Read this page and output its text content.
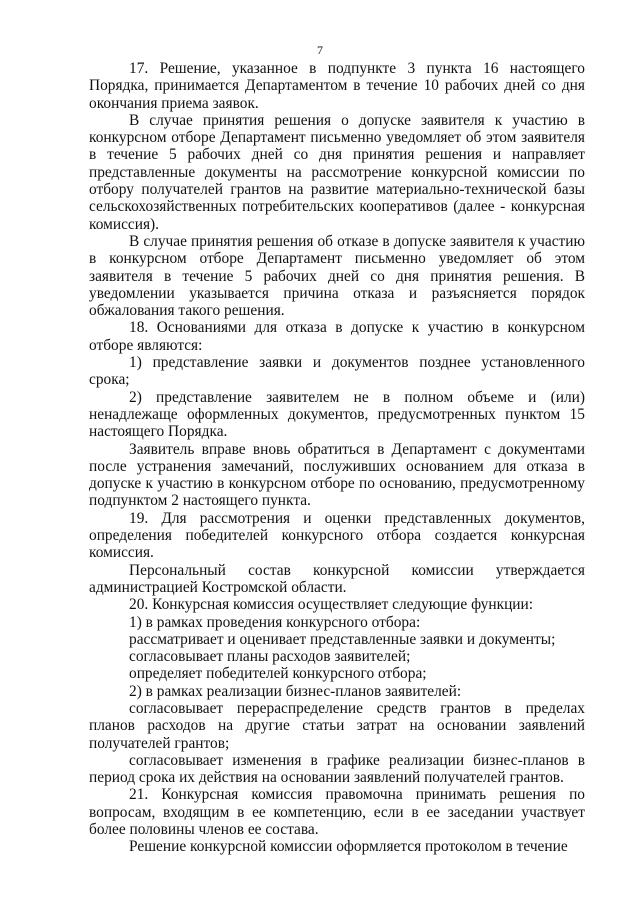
7

17. Решение, указанное в подпункте 3 пункта 16 настоящего Порядка, принимается Департаментом в течение 10 рабочих дней со дня окончания приема заявок.

В случае принятия решения о допуске заявителя к участию в конкурсном отборе Департамент письменно уведомляет об этом заявителя в течение 5 рабочих дней со дня принятия решения и направляет представленные документы на рассмотрение конкурсной комиссии по отбору получателей грантов на развитие материально-технической базы сельскохозяйственных потребительских кооперативов (далее - конкурсная комиссия).

В случае принятия решения об отказе в допуске заявителя к участию в конкурсном отборе Департамент письменно уведомляет об этом заявителя в течение 5 рабочих дней со дня принятия решения. В уведомлении указывается причина отказа и разъясняется порядок обжалования такого решения.

18. Основаниями для отказа в допуске к участию в конкурсном отборе являются:

1) представление заявки и документов позднее установленного срока;

2) представление заявителем не в полном объеме и (или) ненадлежаще оформленных документов, предусмотренных пунктом 15 настоящего Порядка.

Заявитель вправе вновь обратиться в Департамент с документами после устранения замечаний, послуживших основанием для отказа в допуске к участию в конкурсном отборе по основанию, предусмотренному подпунктом 2 настоящего пункта.

19. Для рассмотрения и оценки представленных документов, определения победителей конкурсного отбора создается конкурсная комиссия.

Персональный состав конкурсной комиссии утверждается администрацией Костромской области.

20. Конкурсная комиссия осуществляет следующие функции:

1) в рамках проведения конкурсного отбора:

рассматривает и оценивает представленные заявки и документы;

согласовывает планы расходов заявителей;

определяет победителей конкурсного отбора;

2) в рамках реализации бизнес-планов заявителей:

согласовывает перераспределение средств грантов в пределах планов расходов на другие статьи затрат на основании заявлений получателей грантов;

согласовывает изменения в графике реализации бизнес-планов в период срока их действия на основании заявлений получателей грантов.

21. Конкурсная комиссия правомочна принимать решения по вопросам, входящим в ее компетенцию, если в ее заседании участвует более половины членов ее состава.

Решение конкурсной комиссии оформляется протоколом в течение
